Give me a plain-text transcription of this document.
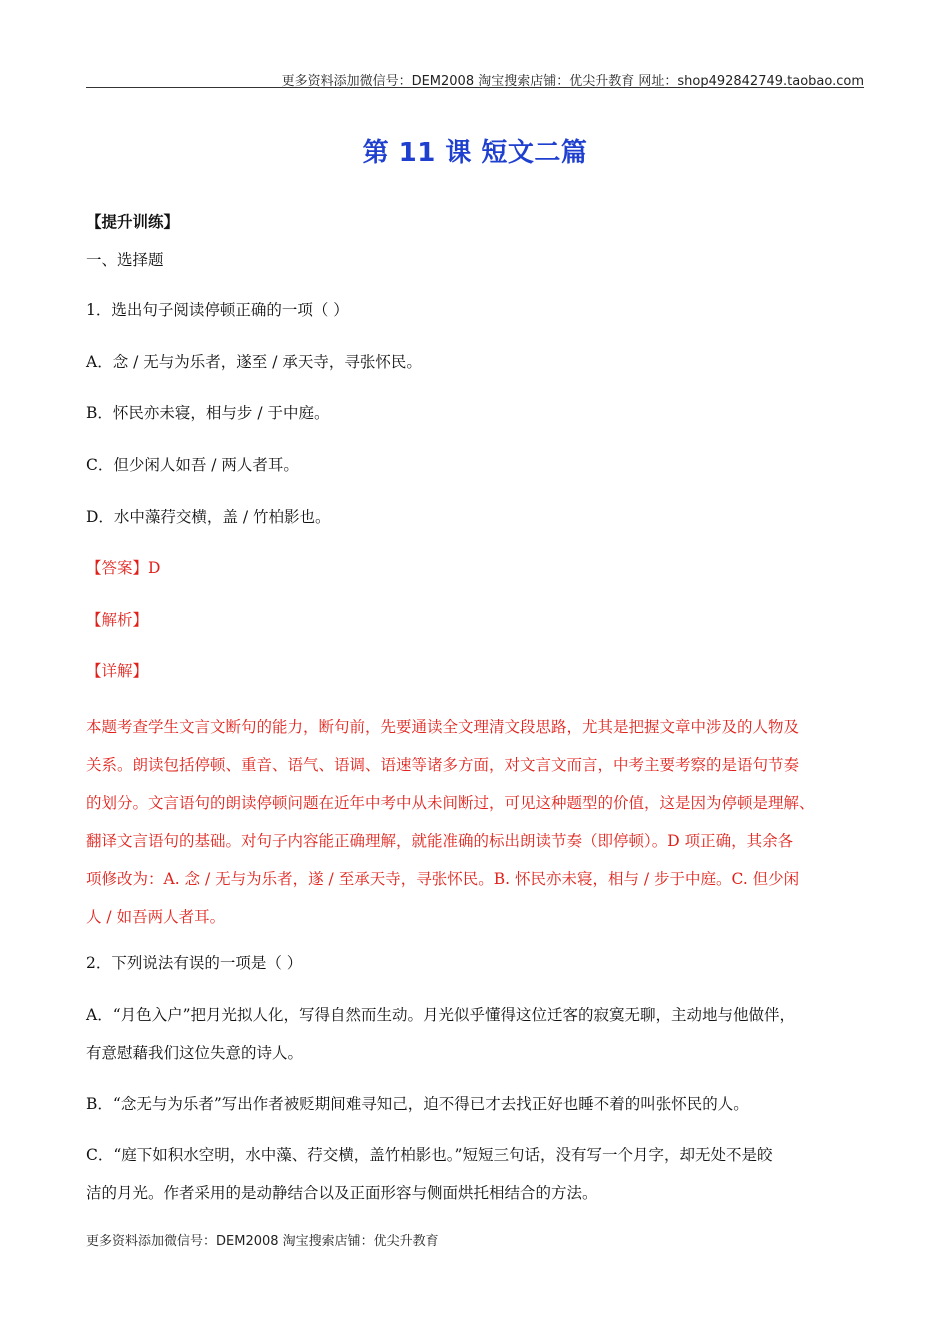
更多资料添加微信号：DEM2008 淘宝搜索店铺：优尖升教育 网址：shop492842749.taobao.com
第 11 课 短文二篇
【提升训练】
一、选择题
1．选出句子阅读停顿正确的一项（ ）
A．念 / 无与为乐者，遂至 / 承天寺，寻张怀民。
B．怀民亦未寝，相与步 / 于中庭。
C．但少闲人如吾 / 两人者耳。
D．水中藻荇交横，盖 / 竹柏影也。
【答案】D
【解析】
【详解】
本题考查学生文言文断句的能力，断句前，先要通读全文理清文段思路，尤其是把握文章中涉及的人物及
关系。朗读包括停顿、重音、语气、语调、语速等诸多方面，对文言文而言，中考主要考察的是语句节奏
的划分。文言语句的朗读停顿问题在近年中考中从未间断过，可见这种题型的价值，这是因为停顿是理解、
翻译文言语句的基础。对句子内容能正确理解，就能准确的标出朗读节奏（即停顿）。D 项正确，其余各
项修改为：A. 念 / 无与为乐者，遂 / 至承天寺，寻张怀民。B. 怀民亦未寝，相与 / 步于中庭。C. 但少闲
人 / 如吾两人者耳。
2．下列说法有误的一项是（ ）
A．“月色入户”把月光拟人化，写得自然而生动。月光似乎懂得这位迁客的寂寞无聊，主动地与他做伴，
有意慰藉我们这位失意的诗人。
B．“念无与为乐者”写出作者被贬期间难寻知己，迫不得已才去找正好也睡不着的叫张怀民的人。
C．“庭下如积水空明，水中藻、荇交横，盖竹柏影也。”短短三句话，没有写一个月字，却无处不是皎
洁的月光。作者采用的是动静结合以及正面形容与侧面烘托相结合的方法。
更多资料添加微信号：DEM2008 淘宝搜索店铺：优尖升教育
